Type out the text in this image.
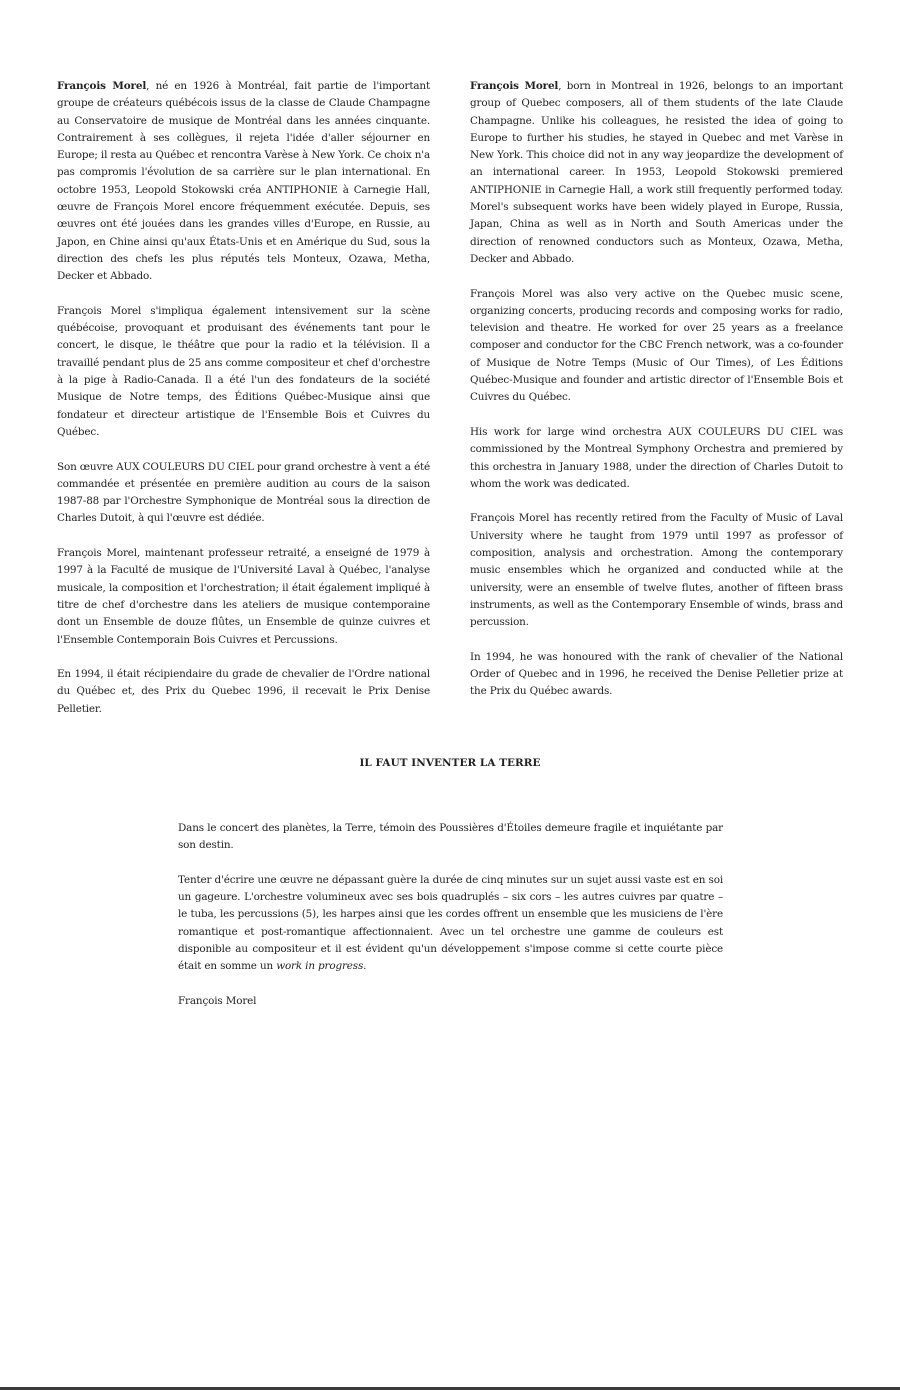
François Morel, né en 1926 à Montréal, fait partie de l'important groupe de créateurs québécois issus de la classe de Claude Champagne au Conservatoire de musique de Montréal dans les années cinquante. Contrairement à ses collègues, il rejeta l'idée d'aller séjourner en Europe; il resta au Québec et rencontra Varèse à New York. Ce choix n'a pas compromis l'évolution de sa carrière sur le plan international. En octobre 1953, Leopold Stokowski créa ANTIPHONIE à Carnegie Hall, œuvre de François Morel encore fréquemment exécutée. Depuis, ses œuvres ont été jouées dans les grandes villes d'Europe, en Russie, au Japon, en Chine ainsi qu'aux États-Unis et en Amérique du Sud, sous la direction des chefs les plus réputés tels Monteux, Ozawa, Metha, Decker et Abbado.

François Morel s'impliqua également intensivement sur la scène québécoise, provoquant et produisant des événements tant pour le concert, le disque, le théâtre que pour la radio et la télévision. Il a travaillé pendant plus de 25 ans comme compositeur et chef d'orchestre à la pige à Radio-Canada. Il a été l'un des fondateurs de la société Musique de Notre temps, des Éditions Québec-Musique ainsi que fondateur et directeur artistique de l'Ensemble Bois et Cuivres du Québec.

Son œuvre AUX COULEURS DU CIEL pour grand orchestre à vent a été commandée et présentée en première audition au cours de la saison 1987-88 par l'Orchestre Symphonique de Montréal sous la direction de Charles Dutoit, à qui l'œuvre est dédiée.

François Morel, maintenant professeur retraité, a enseigné de 1979 à 1997 à la Faculté de musique de l'Université Laval à Québec, l'analyse musicale, la composition et l'orchestration; il était également impliqué à titre de chef d'orchestre dans les ateliers de musique contemporaine dont un Ensemble de douze flûtes, un Ensemble de quinze cuivres et l'Ensemble Contemporain Bois Cuivres et Percussions.

En 1994, il était récipiendaire du grade de chevalier de l'Ordre national du Québec et, des Prix du Quebec 1996, il recevait le Prix Denise Pelletier.

François Morel, born in Montreal in 1926, belongs to an important group of Quebec composers, all of them students of the late Claude Champagne. Unlike his colleagues, he resisted the idea of going to Europe to further his studies, he stayed in Quebec and met Varèse in New York. This choice did not in any way jeopardize the development of an international career. In 1953, Leopold Stokowski premiered ANTIPHONIE in Carnegie Hall, a work still frequently performed today. Morel's subsequent works have been widely played in Europe, Russia, Japan, China as well as in North and South Americas under the direction of renowned conductors such as Monteux, Ozawa, Metha, Decker and Abbado.

François Morel was also very active on the Quebec music scene, organizing concerts, producing records and composing works for radio, television and theatre. He worked for over 25 years as a freelance composer and conductor for the CBC French network, was a co-founder of Musique de Notre Temps (Music of Our Times), of Les Éditions Québec-Musique and founder and artistic director of l'Ensemble Bois et Cuivres du Québec.

His work for large wind orchestra AUX COULEURS DU CIEL was commissioned by the Montreal Symphony Orchestra and premiered by this orchestra in January 1988, under the direction of Charles Dutoit to whom the work was dedicated.

François Morel has recently retired from the Faculty of Music of Laval University where he taught from 1979 until 1997 as professor of composition, analysis and orchestration. Among the contemporary music ensembles which he organized and conducted while at the university, were an ensemble of twelve flutes, another of fifteen brass instruments, as well as the Contemporary Ensemble of winds, brass and percussion.

In 1994, he was honoured with the rank of chevalier of the National Order of Quebec and in 1996, he received the Denise Pelletier prize at the Prix du Québec awards.

IL FAUT INVENTER LA TERRE

Dans le concert des planètes, la Terre, témoin des Poussières d'Étoiles demeure fragile et inquiétante par son destin.

Tenter d'écrire une œuvre ne dépassant guère la durée de cinq minutes sur un sujet aussi vaste est en soi un gageure. L'orchestre volumineux avec ses bois quadruplés – six cors – les autres cuivres par quatre – le tuba, les percussions (5), les harpes ainsi que les cordes offrent un ensemble que les musiciens de l'ère romantique et post-romantique affectionnaient. Avec un tel orchestre une gamme de couleurs est disponible au compositeur et il est évident qu'un développement s'impose comme si cette courte pièce était en somme un work in progress.

François Morel
